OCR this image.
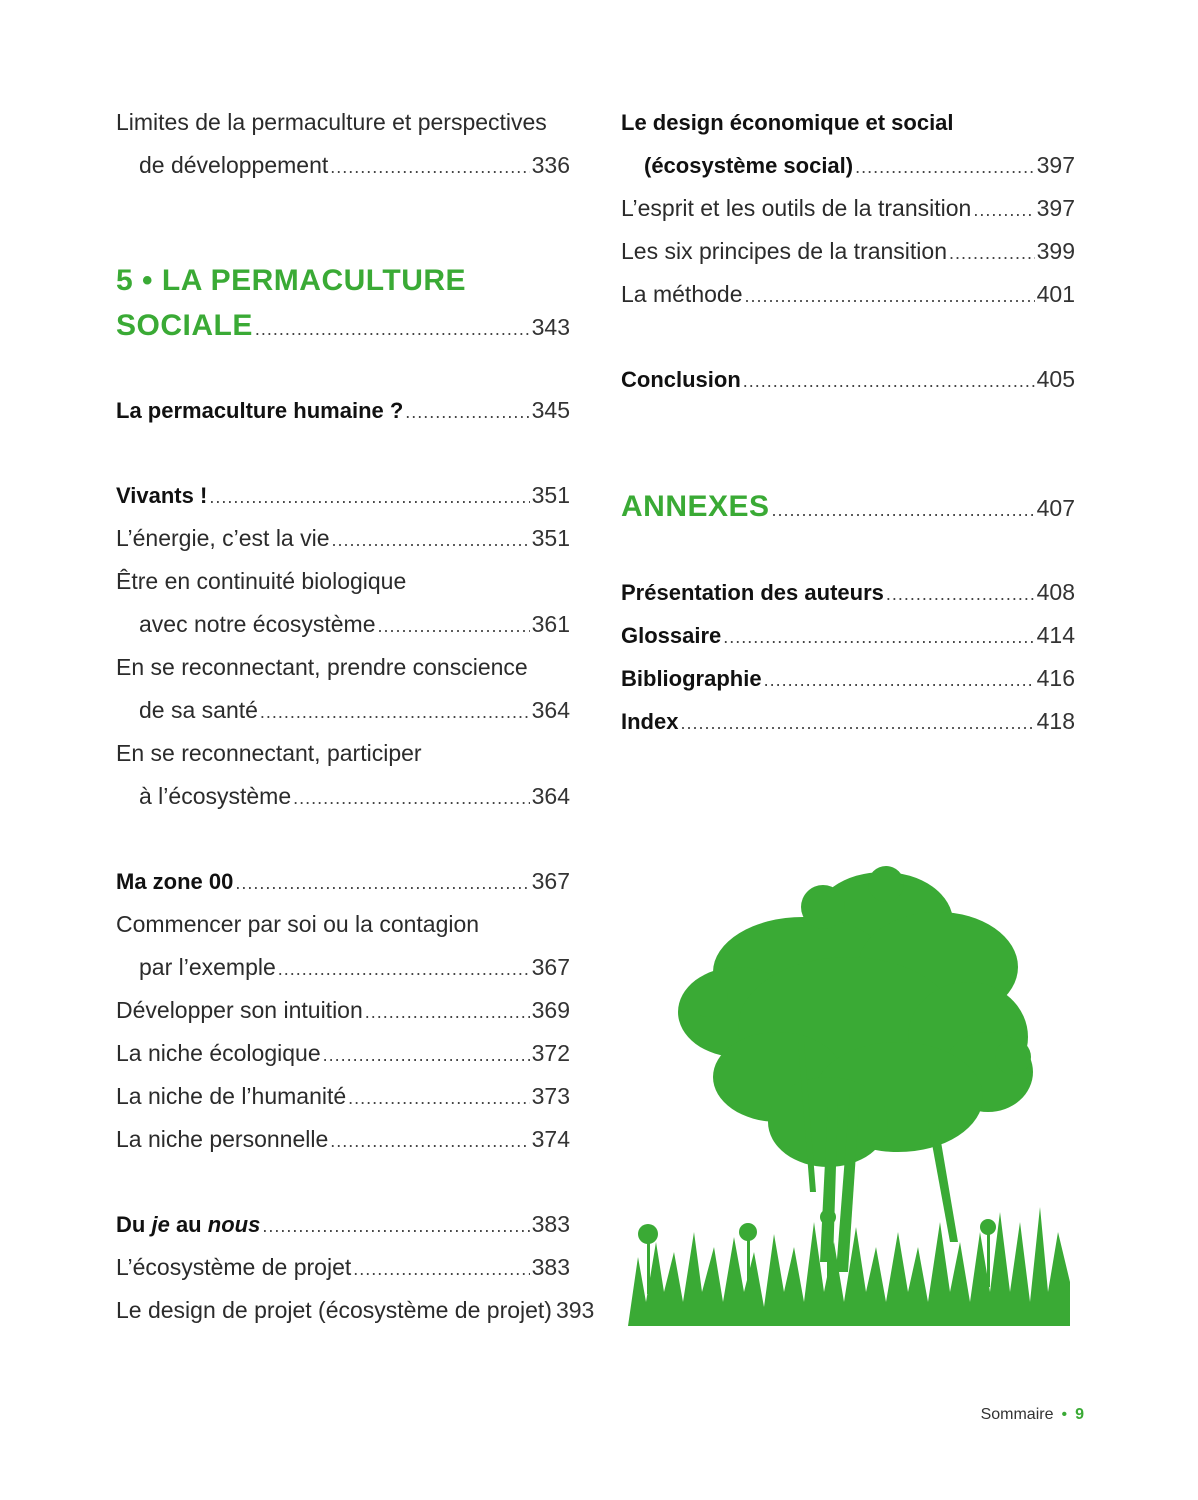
Limites de la permaculture et perspectives
de développement .....	336
5 • LA PERMACULTURE
SOCIALE .....	343
La permaculture humaine ? .....	345
Vivants ! .....	351
L’énergie, c’est la vie .....	351
Être en continuité biologique
avec notre écosystème .....	361
En se reconnectant, prendre conscience
de sa santé .....	364
En se reconnectant, participer
à l’écosystème .....	364
Ma zone 00 .....	367
Commencer par soi ou la contagion
par l’exemple .....	367
Développer son intuition .....	369
La niche écologique .....	372
La niche de l’humanité .....	373
La niche personnelle .....	374
Du je au nous .....	383
L’écosystème de projet .....	383
Le design de projet (écosystème de projet) 393
Le design économique et social
(écosystème social) .....	397
L’esprit et les outils de la transition .....	397
Les six principes de la transition .....	399
La méthode .....	401
Conclusion .....	405
ANNEXES .....	407
Présentation des auteurs .....	408
Glossaire .....	414
Bibliographie .....	416
Index .....	418
Sommaire • 9
